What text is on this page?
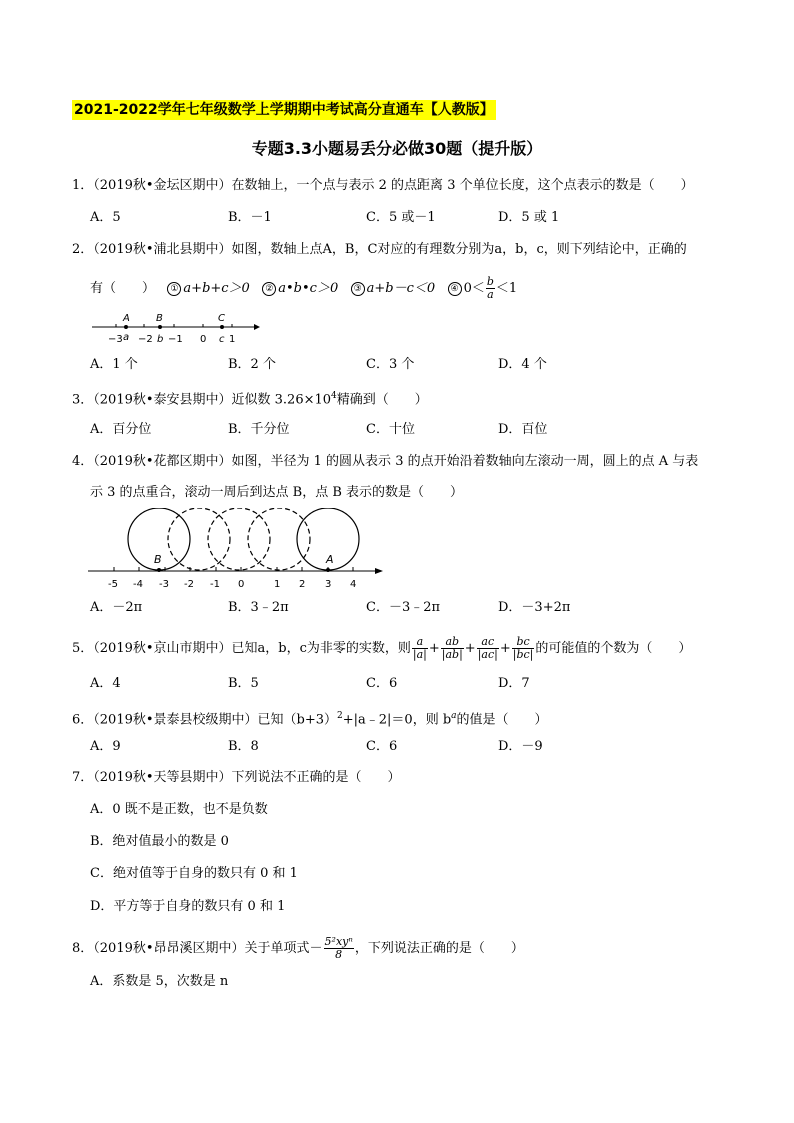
2021-2022学年七年级数学上学期期中考试高分直通车【人教版】
专题3.3小题易丢分必做30题（提升版）
1．（2019秋•金坛区期中）在数轴上，一个点与表示 2 的点距离 3 个单位长度，这个点表示的数是（　　）
A．5	B．－1	C．5 或－1	D．5 或 1
2．（2019秋•浦北县期中）如图，数轴上点A，B，C对应的有理数分别为a，b，c，则下列结论中，正确的
有（　　） ① a+b+c＞0 ② a•b•c＞0 ③ a+b－c＜0 ④ $0< \frac{b}{a} <1$
A	B	C
−3 a −2 b −1 0 c 1
A．1 个	B．2 个	C．3 个	D．4 个
3．（2019秋•泰安县期中）近似数 $3.26\times 10^4$精确到（　　）
A．百分位	B．千分位	C．十位	D．百位
4．（2019秋•花都区期中）如图，半径为 1 的圆从表示 3 的点开始沿着数轴向左滚动一周，圆上的点 A 与表
示 3 的点重合，滚动一周后到达点 B，点 B 表示的数是（　　）
B	A
-5 -4 -3 -2 -1 0	1 2 3 4
A．－2π	B．3﹣2π	C．－3﹣2π	D．－3+2π
5．（2019秋•京山市期中）已知a，b，c为非零的实数，则 $\frac{a}{|a|} + \frac{ab}{|ab|} + \frac{ac}{|ac|} + \frac{bc}{|bc|}$ 的可能值的个数为（　　）
A．4	B．5	C．6	D．7
6．（2019秋•景泰县校级期中）已知$(b+3)^2+|a﹣2|=0$，则 $b^a$的值是（　　）
A．9	B．8	C．6	D．－9
7．（2019秋•天等县期中）下列说法不正确的是（　　）
A．0 既不是正数，也不是负数
B．绝对值最小的数是 0
C．绝对值等于自身的数只有 0 和 1
D．平方等于自身的数只有 0 和 1
8．（2019秋•昂昂溪区期中）关于单项式－ $\frac{\text{5²xyⁿ}}{8}$ ，下列说法正确的是（　　）
A．系数是 5，次数是 n
